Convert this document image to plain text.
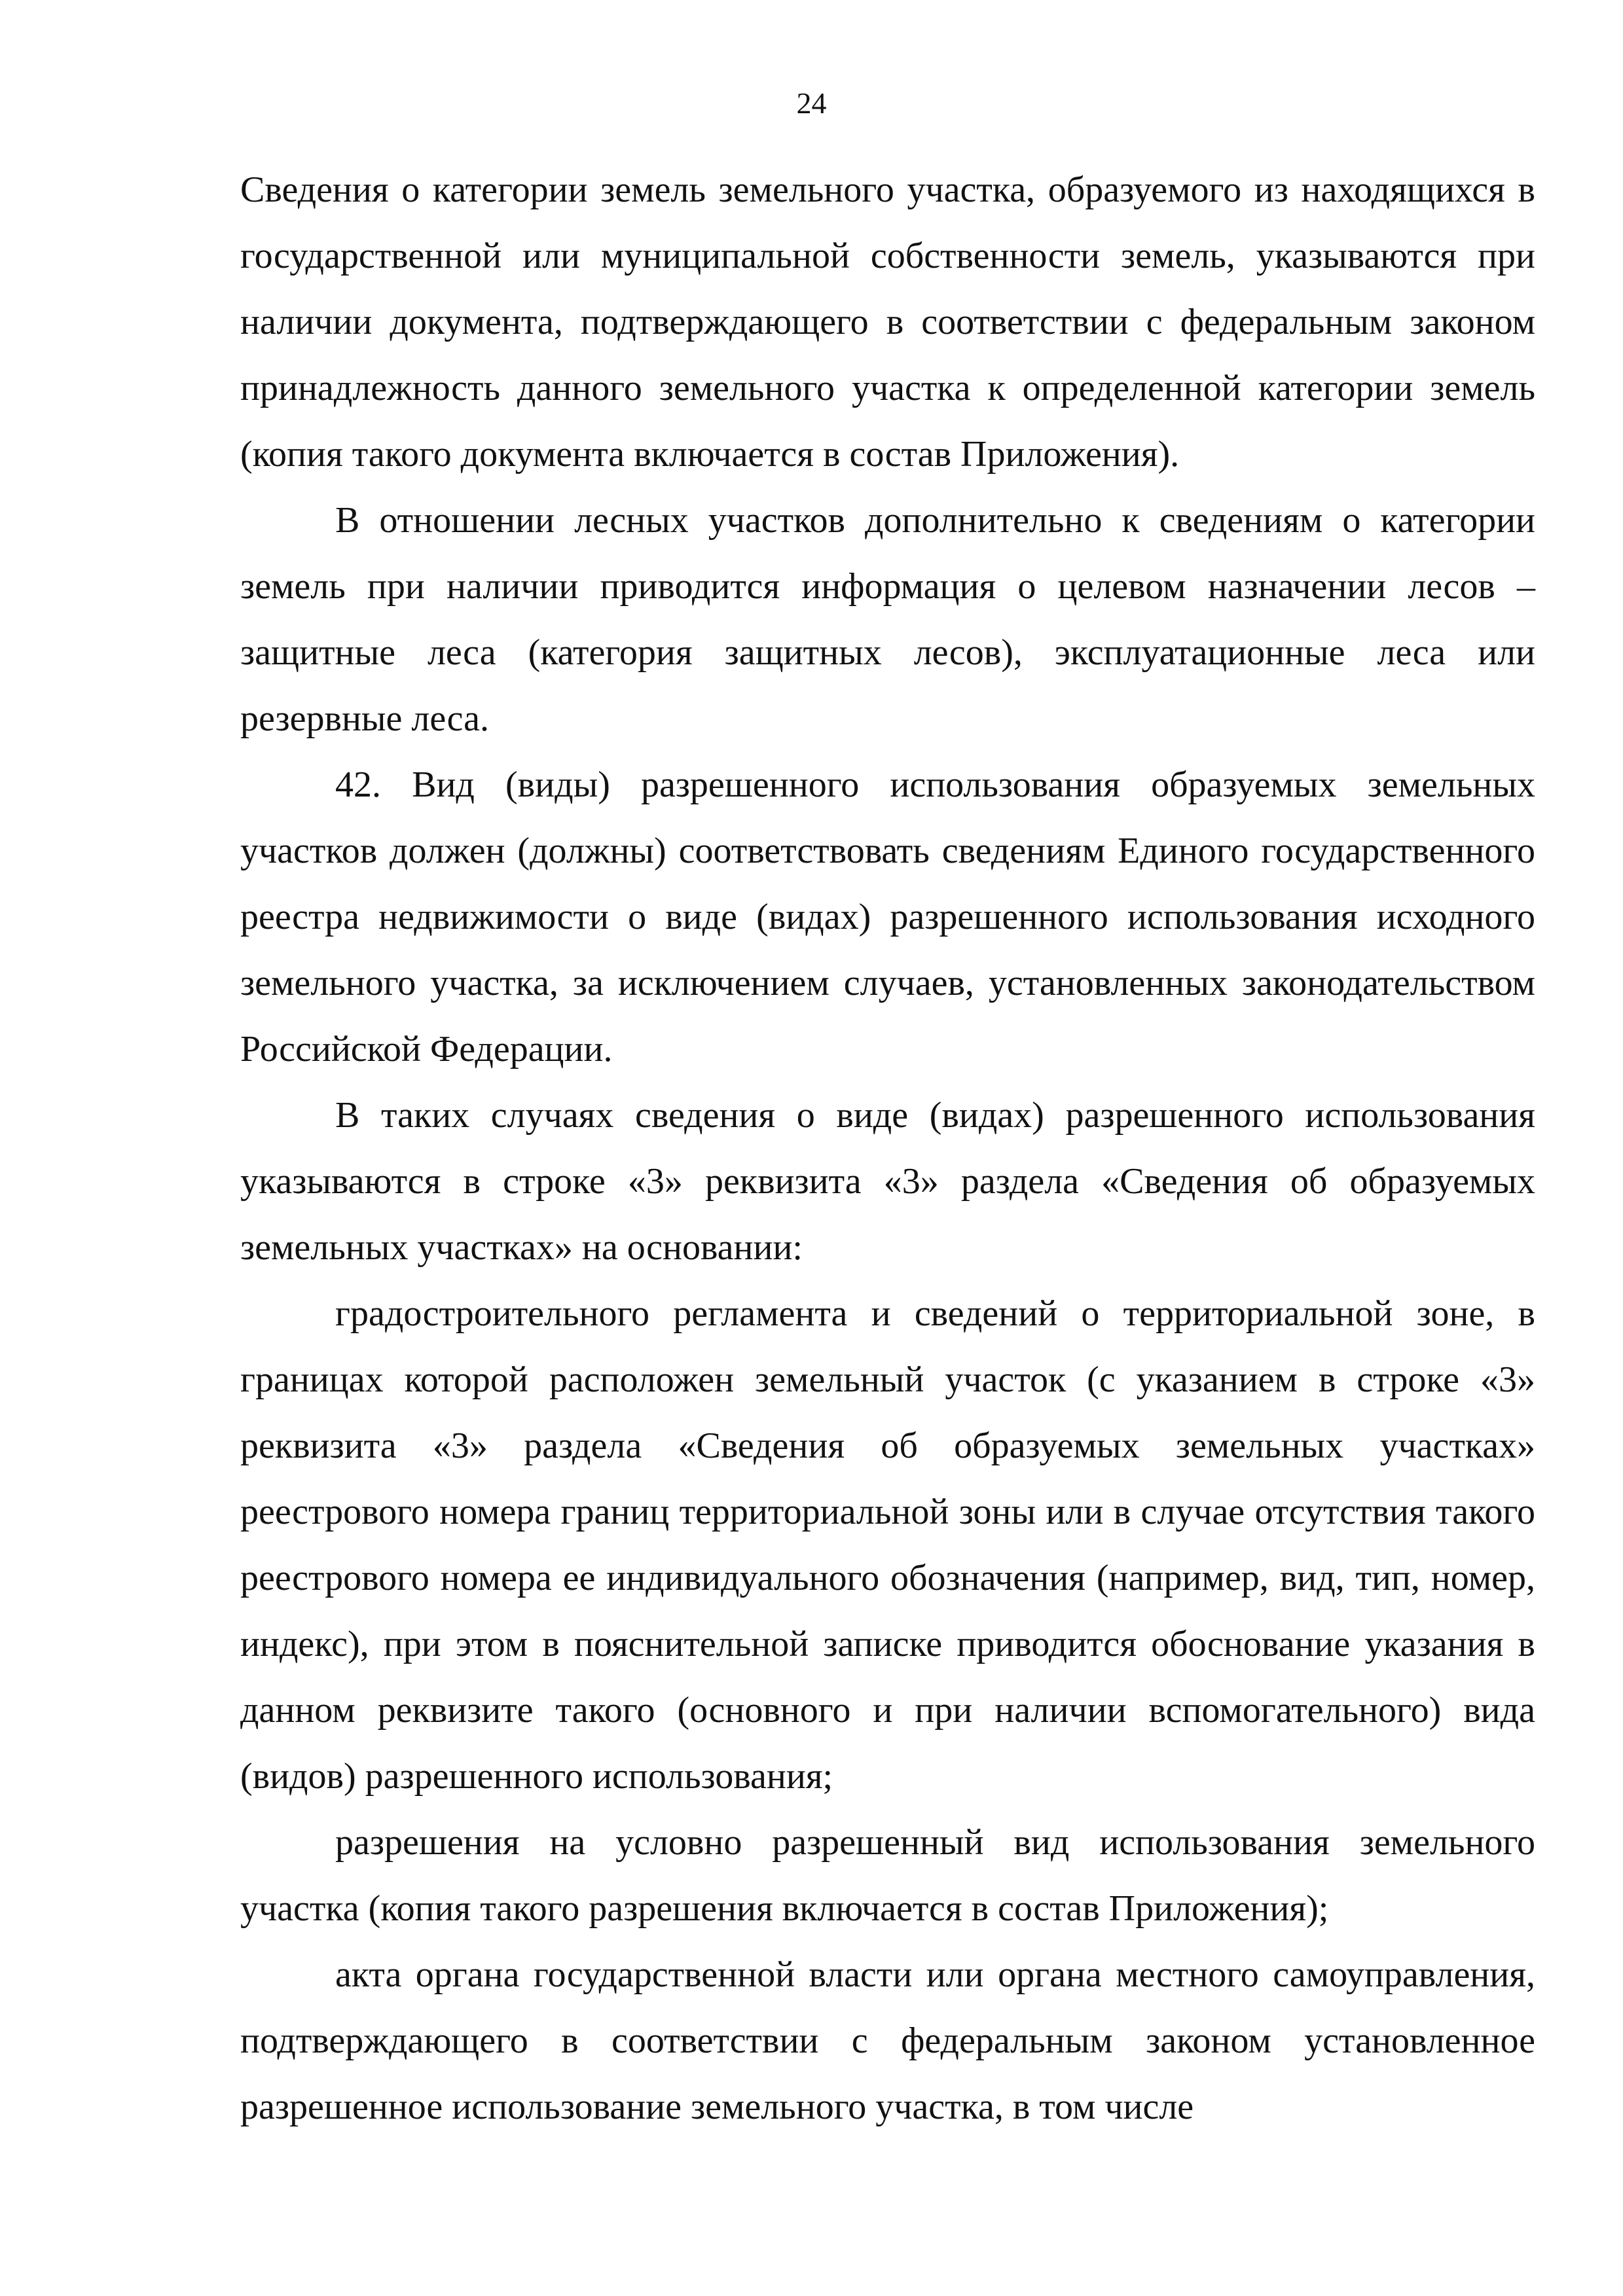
24

Сведения о категории земель земельного участка, образуемого из находящихся в государственной или муниципальной собственности земель, указываются при наличии документа, подтверждающего в соответствии с федеральным законом принадлежность данного земельного участка к определенной категории земель (копия такого документа включается в состав Приложения).

В отношении лесных участков дополнительно к сведениям о категории земель при наличии приводится информация о целевом назначении лесов – защитные леса (категория защитных лесов), эксплуатационные леса или резервные леса.

42. Вид (виды) разрешенного использования образуемых земельных участков должен (должны) соответствовать сведениям Единого государственного реестра недвижимости о виде (видах) разрешенного использования исходного земельного участка, за исключением случаев, установленных законодательством Российской Федерации.

В таких случаях сведения о виде (видах) разрешенного использования указываются в строке «3» реквизита «3» раздела «Сведения об образуемых земельных участках» на основании:

градостроительного регламента и сведений о территориальной зоне, в границах которой расположен земельный участок (с указанием в строке «3» реквизита «3» раздела «Сведения об образуемых земельных участках» реестрового номера границ территориальной зоны или в случае отсутствия такого реестрового номера ее индивидуального обозначения (например, вид, тип, номер, индекс), при этом в пояснительной записке приводится обоснование указания в данном реквизите такого (основного и при наличии вспомогательного) вида (видов) разрешенного использования;

разрешения на условно разрешенный вид использования земельного участка (копия такого разрешения включается в состав Приложения);

акта органа государственной власти или органа местного самоуправления, подтверждающего в соответствии с федеральным законом установленное разрешенное использование земельного участка, в том числе
